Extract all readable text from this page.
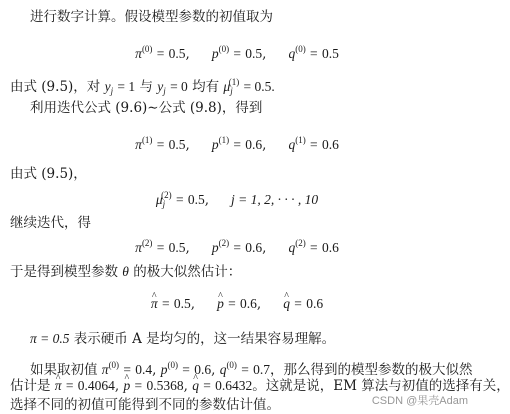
进行数字计算。假设模型参数的初值取为
$\pi^{(0)} = 0.5$, $p^{(0)} = 0.5$, $q^{(0)} = 0.5$
由式 (9.5)，对 $y_j = 1$ 与 $y_j = 0$ 均有 $\mu_j^{(1)} = 0.5$.
利用迭代公式 (9.6)∼公式 (9.8)，得到
$\pi^{(1)} = 0.5$, $p^{(1)} = 0.6$, $q^{(1)} = 0.6$
由式 (9.5)，
$\mu_j^{(2)} = 0.5$, j = 1, 2, · · · , 10
继续迭代，得
$\pi^{(2)} = 0.5$, $p^{(2)} = 0.6$, $q^{(2)} = 0.6$
于是得到模型参数 θ 的极大似然估计：
^ π = 0.5, ^ p = 0.6, ^ q = 0.6
π = 0.5 表示硬币 A 是均匀的，这一结果容易理解。
如果取初值 $\pi^{(0)} = 0.4$, $p^{(0)} = 0.6$, $q^{(0)} = 0.7$，那么得到的模型参数的极大似然
估计是 ^ π = 0.4064, ^ p = 0.5368, ^ q = 0.6432。这就是说，EM 算法与初值的选择有关，
选择不同的初值可能得到不同的参数估计值。	CSDN @果壳Adam
